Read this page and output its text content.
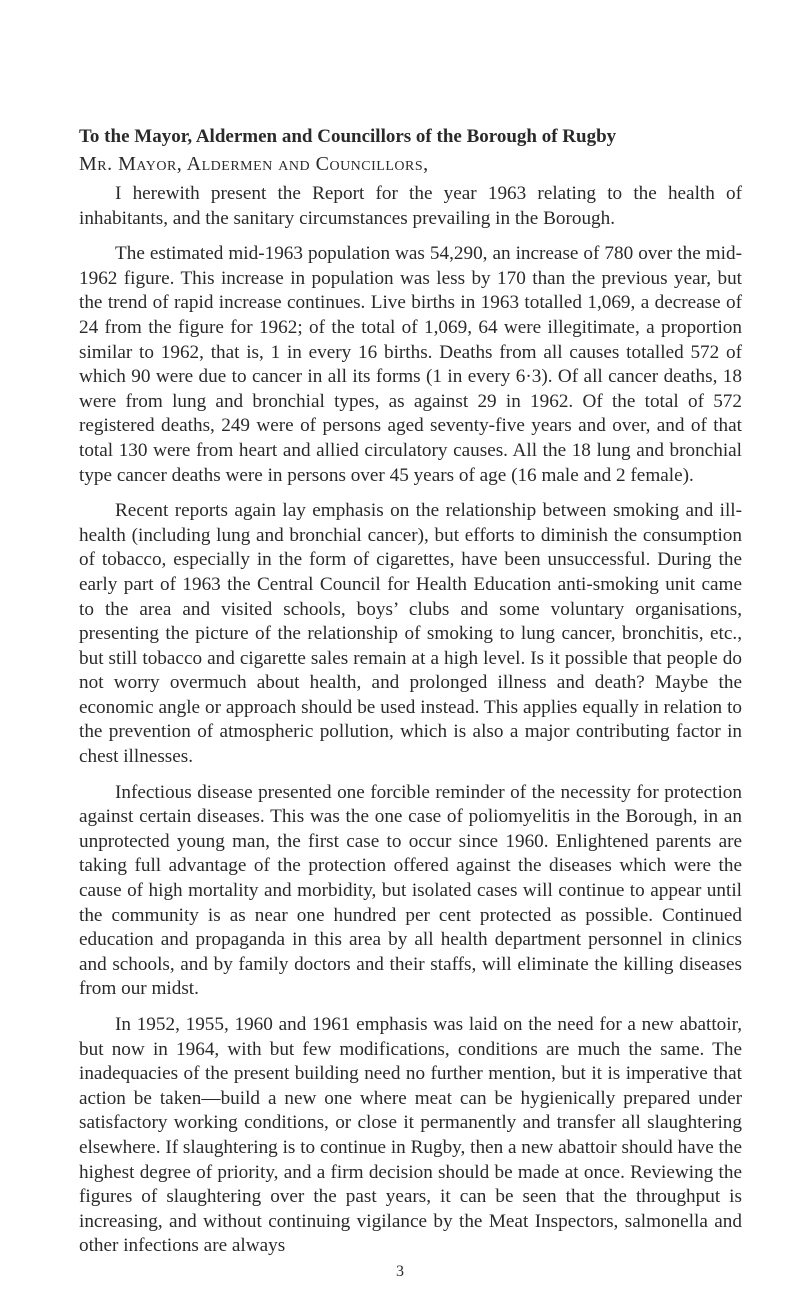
To the Mayor, Aldermen and Councillors of the Borough of Rugby
Mr. Mayor, Aldermen and Councillors,

I herewith present the Report for the year 1963 relating to the health of inhabitants, and the sanitary circumstances prevailing in the Borough.

The estimated mid-1963 population was 54,290, an increase of 780 over the mid-1962 figure. This increase in population was less by 170 than the previous year, but the trend of rapid increase continues. Live births in 1963 totalled 1,069, a decrease of 24 from the figure for 1962; of the total of 1,069, 64 were illegitimate, a proportion similar to 1962, that is, 1 in every 16 births. Deaths from all causes totalled 572 of which 90 were due to cancer in all its forms (1 in every 6·3). Of all cancer deaths, 18 were from lung and bronchial types, as against 29 in 1962. Of the total of 572 registered deaths, 249 were of persons aged seventy-five years and over, and of that total 130 were from heart and allied circulatory causes. All the 18 lung and bronchial type cancer deaths were in persons over 45 years of age (16 male and 2 female).

Recent reports again lay emphasis on the relationship between smoking and ill-health (including lung and bronchial cancer), but efforts to diminish the consumption of tobacco, especially in the form of cigarettes, have been unsuccessful. During the early part of 1963 the Central Council for Health Education anti-smoking unit came to the area and visited schools, boys’ clubs and some voluntary organisations, presenting the picture of the relationship of smoking to lung cancer, bronchitis, etc., but still tobacco and cigarette sales remain at a high level. Is it possible that people do not worry overmuch about health, and prolonged illness and death? Maybe the economic angle or approach should be used instead. This applies equally in relation to the prevention of atmospheric pollution, which is also a major contributing factor in chest illnesses.

Infectious disease presented one forcible reminder of the necessity for protection against certain diseases. This was the one case of poliomyelitis in the Borough, in an unprotected young man, the first case to occur since 1960. Enlightened parents are taking full advantage of the protection offered against the diseases which were the cause of high mortality and morbidity, but isolated cases will continue to appear until the community is as near one hundred per cent protected as possible. Continued education and propaganda in this area by all health department personnel in clinics and schools, and by family doctors and their staffs, will eliminate the killing diseases from our midst.

In 1952, 1955, 1960 and 1961 emphasis was laid on the need for a new abattoir, but now in 1964, with but few modifications, conditions are much the same. The inadequacies of the present building need no further mention, but it is imperative that action be taken—build a new one where meat can be hygienically prepared under satisfactory working conditions, or close it permanently and transfer all slaughtering elsewhere. If slaughtering is to continue in Rugby, then a new abattoir should have the highest degree of priority, and a firm decision should be made at once. Reviewing the figures of slaughtering over the past years, it can be seen that the throughput is increasing, and without continuing vigilance by the Meat Inspectors, salmonella and other infections are always

3
